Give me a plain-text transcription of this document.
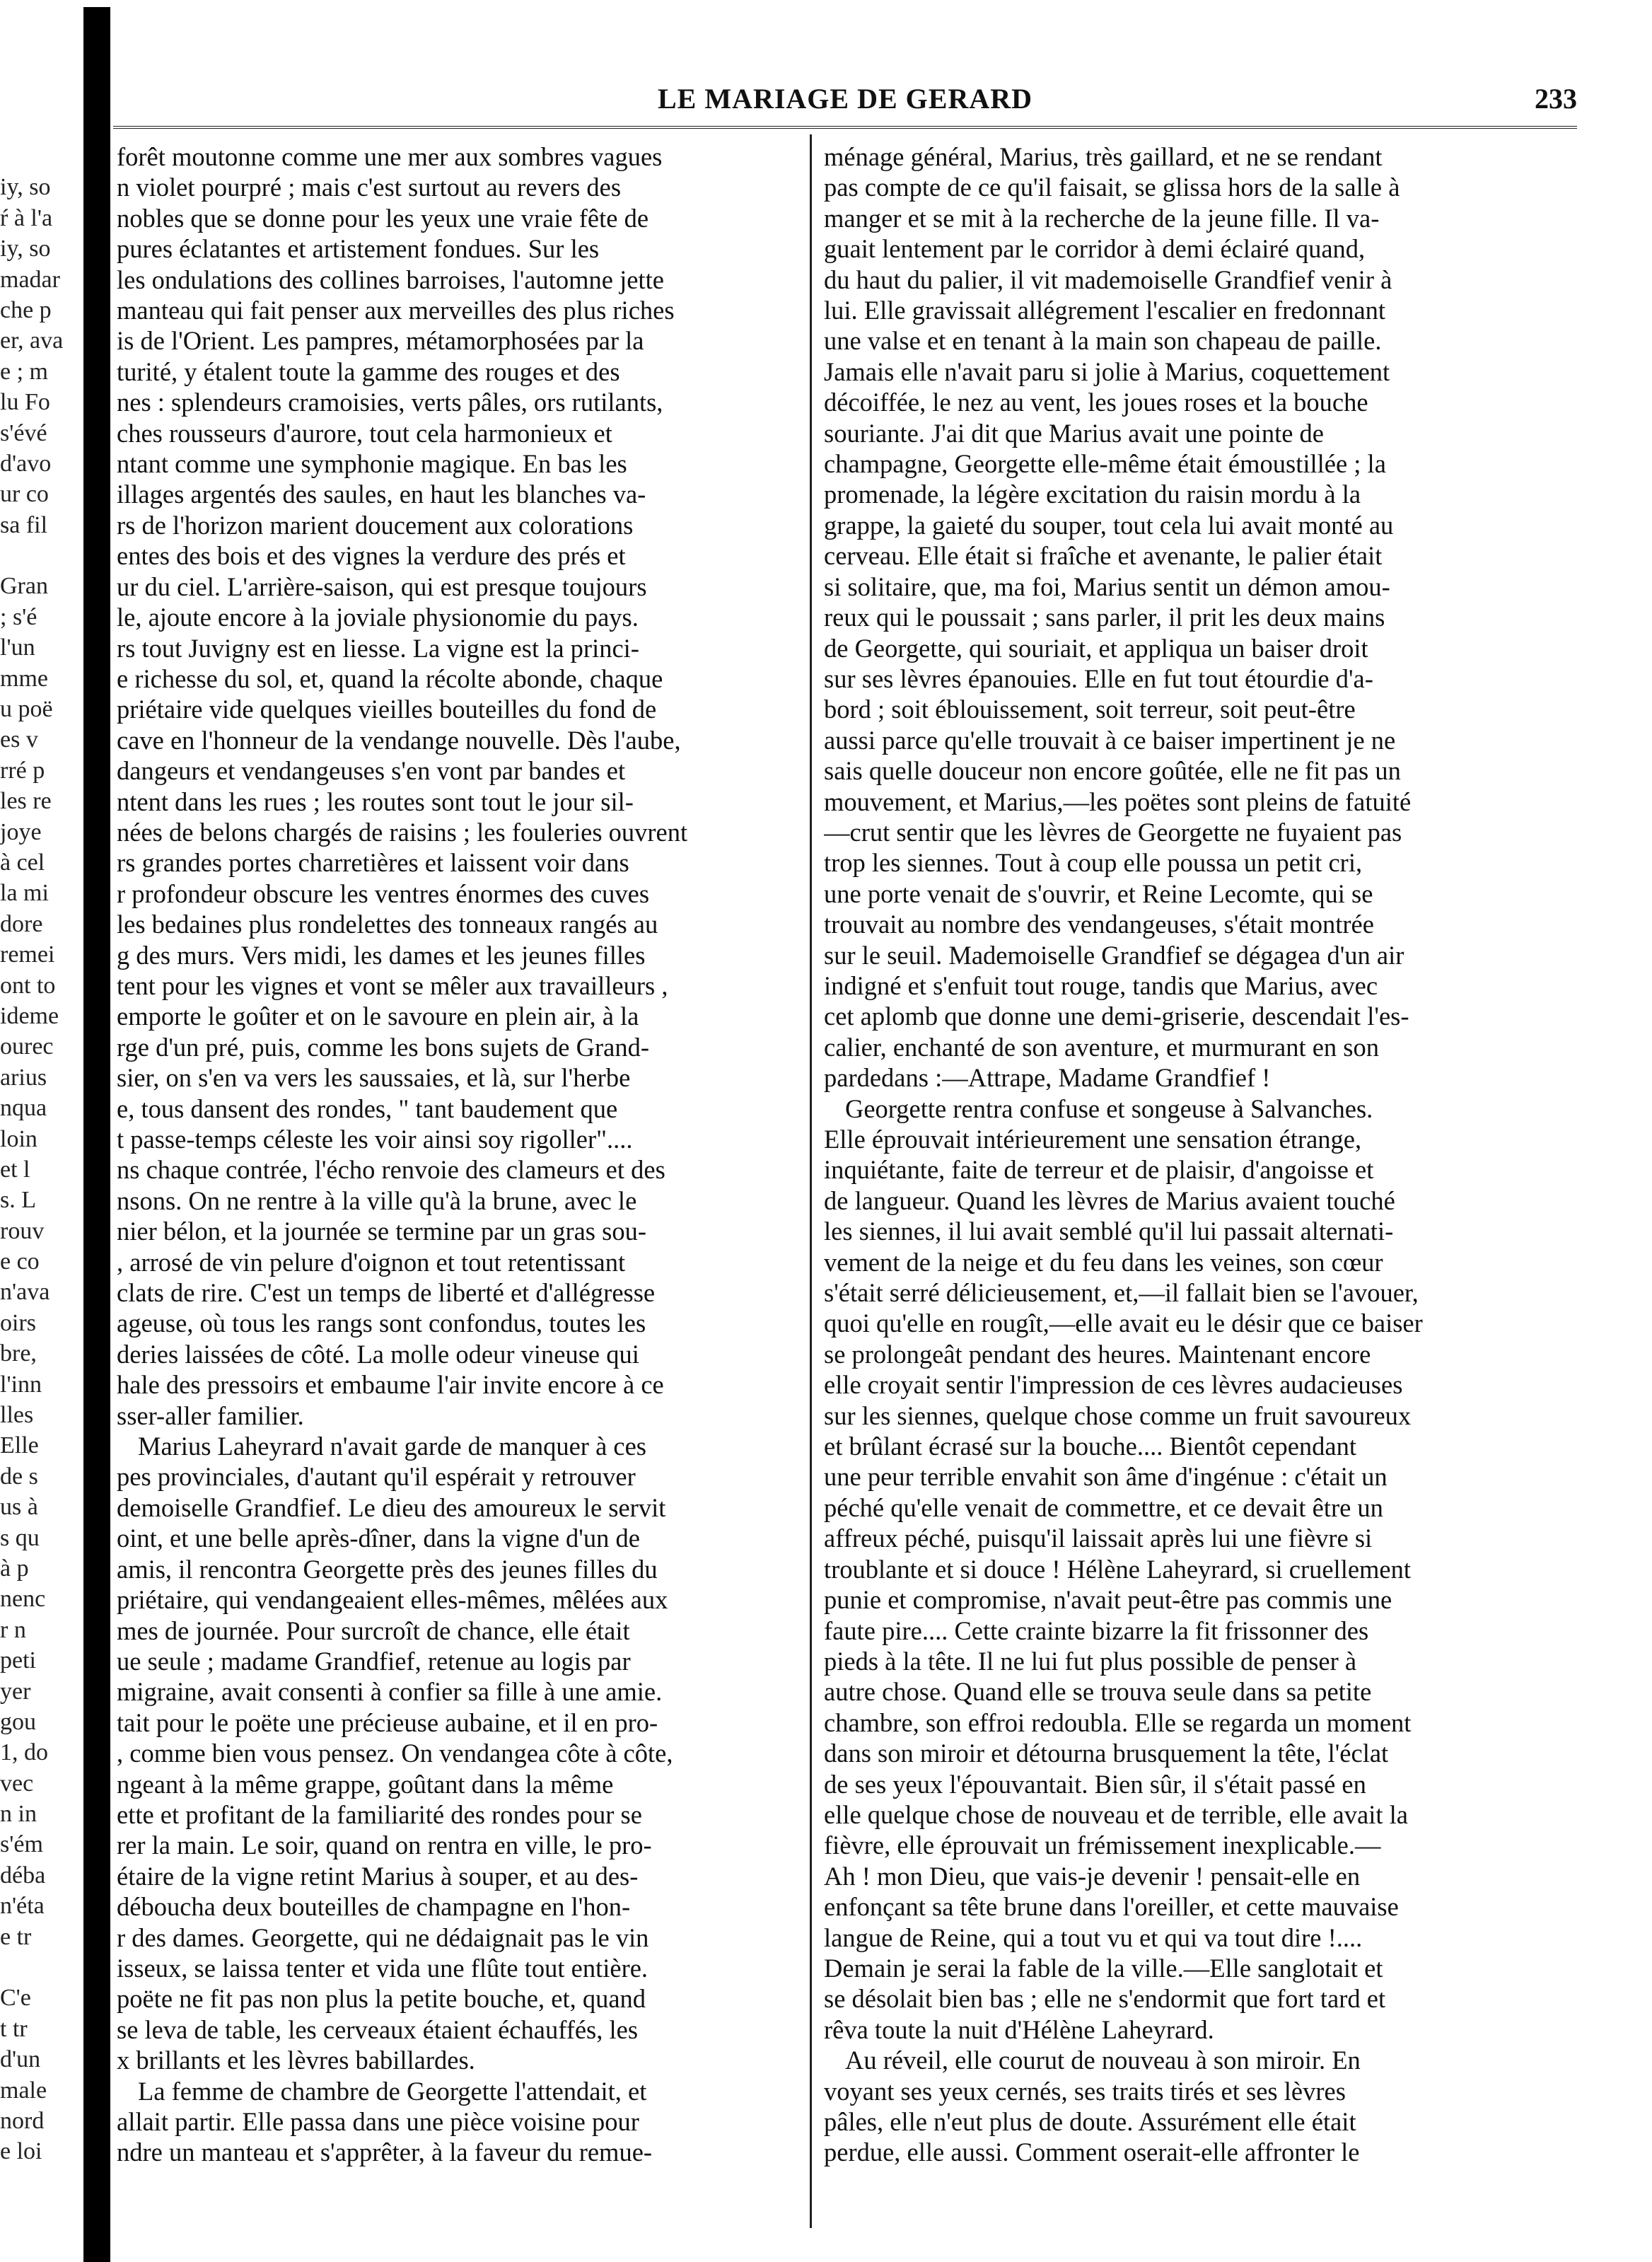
iy, so
ŕ à l'a
iy, so
madar
che p
er, ava
e ; m
lu Fo
s'évé
d'avo
ur co
sa fil
Gran
; s'é
l'un
mme
u poë
es v
rré p
les re
joye
à cel
la mi
dore
remei
ont to
ideme
ourec
arius
nqua
loin
et l
s. L
rouv
e co
n'ava
oirs
bre,
l'inn
lles
Elle
de s
us à
s qu
à p
nenc
r n
peti
yer
gou
1, do
vec
n in
s'ém
déba
n'éta
e tr
C'e
t tr
d'un
male
nord
e loi
LE MARIAGE DE GERARD	233
forêt moutonne comme une mer aux sombres vagues
n violet pourpré ; mais c'est surtout au revers des
nobles que se donne pour les yeux une vraie fête de
pures éclatantes et artistement fondues. Sur les
les ondulations des collines barroises, l'automne jette
manteau qui fait penser aux merveilles des plus riches
is de l'Orient. Les pampres, métamorphosées par la
turité, y étalent toute la gamme des rouges et des
nes : splendeurs cramoisies, verts pâles, ors rutilants,
ches rousseurs d'aurore, tout cela harmonieux et
ntant comme une symphonie magique. En bas les
illages argentés des saules, en haut les blanches va-
rs de l'horizon marient doucement aux colorations
entes des bois et des vignes la verdure des prés et
ur du ciel. L'arrière-saison, qui est presque toujours
le, ajoute encore à la joviale physionomie du pays.
rs tout Juvigny est en liesse. La vigne est la princi-
e richesse du sol, et, quand la récolte abonde, chaque
priétaire vide quelques vieilles bouteilles du fond de
cave en l'honneur de la vendange nouvelle. Dès l'aube,
dangeurs et vendangeuses s'en vont par bandes et
ntent dans les rues ; les routes sont tout le jour sil-
nées de belons chargés de raisins ; les fouleries ouvrent
rs grandes portes charretières et laissent voir dans
r profondeur obscure les ventres énormes des cuves
les bedaines plus rondelettes des tonneaux rangés au
g des murs. Vers midi, les dames et les jeunes filles
tent pour les vignes et vont se mêler aux travailleurs ,
emporte le goûter et on le savoure en plein air, à la
rge d'un pré, puis, comme les bons sujets de Grand-
sier, on s'en va vers les saussaies, et là, sur l'herbe
e, tous dansent des rondes, " tant baudement que
t passe-temps céleste les voir ainsi soy rigoller"....
ns chaque contrée, l'écho renvoie des clameurs et des
nsons. On ne rentre à la ville qu'à la brune, avec le
nier bélon, et la journée se termine par un gras sou-
, arrosé de vin pelure d'oignon et tout retentissant
clats de rire. C'est un temps de liberté et d'allégresse
ageuse, où tous les rangs sont confondus, toutes les
deries laissées de côté. La molle odeur vineuse qui
hale des pressoirs et embaume l'air invite encore à ce
sser-aller familier.
Marius Laheyrard n'avait garde de manquer à ces
pes provinciales, d'autant qu'il espérait y retrouver
demoiselle Grandfief. Le dieu des amoureux le servit
oint, et une belle après-dîner, dans la vigne d'un de
amis, il rencontra Georgette près des jeunes filles du
priétaire, qui vendangeaient elles-mêmes, mêlées aux
mes de journée. Pour surcroît de chance, elle était
ue seule ; madame Grandfief, retenue au logis par
migraine, avait consenti à confier sa fille à une amie.
tait pour le poëte une précieuse aubaine, et il en pro-
, comme bien vous pensez. On vendangea côte à côte,
ngeant à la même grappe, goûtant dans la même
ette et profitant de la familiarité des rondes pour se
rer la main. Le soir, quand on rentra en ville, le pro-
étaire de la vigne retint Marius à souper, et au des-
déboucha deux bouteilles de champagne en l'hon-
r des dames. Georgette, qui ne dédaignait pas le vin
isseux, se laissa tenter et vida une flûte tout entière.
poëte ne fit pas non plus la petite bouche, et, quand
se leva de table, les cerveaux étaient échauffés, les
x brillants et les lèvres babillardes.
La femme de chambre de Georgette l'attendait, et
allait partir. Elle passa dans une pièce voisine pour
ndre un manteau et s'apprêter, à la faveur du remue-
ménage général, Marius, très gaillard, et ne se rendant
pas compte de ce qu'il faisait, se glissa hors de la salle à
manger et se mit à la recherche de la jeune fille. Il va-
guait lentement par le corridor à demi éclairé quand,
du haut du palier, il vit mademoiselle Grandfief venir à
lui. Elle gravissait allégrement l'escalier en fredonnant
une valse et en tenant à la main son chapeau de paille.
Jamais elle n'avait paru si jolie à Marius, coquettement
décoiffée, le nez au vent, les joues roses et la bouche
souriante. J'ai dit que Marius avait une pointe de
champagne, Georgette elle-même était émoustillée ; la
promenade, la légère excitation du raisin mordu à la
grappe, la gaieté du souper, tout cela lui avait monté au
cerveau. Elle était si fraîche et avenante, le palier était
si solitaire, que, ma foi, Marius sentit un démon amou-
reux qui le poussait ; sans parler, il prit les deux mains
de Georgette, qui souriait, et appliqua un baiser droit
sur ses lèvres épanouies. Elle en fut tout étourdie d'a-
bord ; soit éblouissement, soit terreur, soit peut-être
aussi parce qu'elle trouvait à ce baiser impertinent je ne
sais quelle douceur non encore goûtée, elle ne fit pas un
mouvement, et Marius,—les poëtes sont pleins de fatuité
—crut sentir que les lèvres de Georgette ne fuyaient pas
trop les siennes. Tout à coup elle poussa un petit cri,
une porte venait de s'ouvrir, et Reine Lecomte, qui se
trouvait au nombre des vendangeuses, s'était montrée
sur le seuil. Mademoiselle Grandfief se dégagea d'un air
indigné et s'enfuit tout rouge, tandis que Marius, avec
cet aplomb que donne une demi-griserie, descendait l'es-
calier, enchanté de son aventure, et murmurant en son
pardedans :—Attrape, Madame Grandfief !
Georgette rentra confuse et songeuse à Salvanches.
Elle éprouvait intérieurement une sensation étrange,
inquiétante, faite de terreur et de plaisir, d'angoisse et
de langueur. Quand les lèvres de Marius avaient touché
les siennes, il lui avait semblé qu'il lui passait alternati-
vement de la neige et du feu dans les veines, son cœur
s'était serré délicieusement, et,—il fallait bien se l'avouer,
quoi qu'elle en rougît,—elle avait eu le désir que ce baiser
se prolongeât pendant des heures. Maintenant encore
elle croyait sentir l'impression de ces lèvres audacieuses
sur les siennes, quelque chose comme un fruit savoureux
et brûlant écrasé sur la bouche.... Bientôt cependant
une peur terrible envahit son âme d'ingénue : c'était un
péché qu'elle venait de commettre, et ce devait être un
affreux péché, puisqu'il laissait après lui une fièvre si
troublante et si douce ! Hélène Laheyrard, si cruellement
punie et compromise, n'avait peut-être pas commis une
faute pire.... Cette crainte bizarre la fit frissonner des
pieds à la tête. Il ne lui fut plus possible de penser à
autre chose. Quand elle se trouva seule dans sa petite
chambre, son effroi redoubla. Elle se regarda un moment
dans son miroir et détourna brusquement la tête, l'éclat
de ses yeux l'épouvantait. Bien sûr, il s'était passé en
elle quelque chose de nouveau et de terrible, elle avait la
fièvre, elle éprouvait un frémissement inexplicable.—
Ah ! mon Dieu, que vais-je devenir ! pensait-elle en
enfonçant sa tête brune dans l'oreiller, et cette mauvaise
langue de Reine, qui a tout vu et qui va tout dire !....
Demain je serai la fable de la ville.—Elle sanglotait et
se désolait bien bas ; elle ne s'endormit que fort tard et
rêva toute la nuit d'Hélène Laheyrard.
Au réveil, elle courut de nouveau à son miroir. En
voyant ses yeux cernés, ses traits tirés et ses lèvres
pâles, elle n'eut plus de doute. Assurément elle était
perdue, elle aussi. Comment oserait-elle affronter le
